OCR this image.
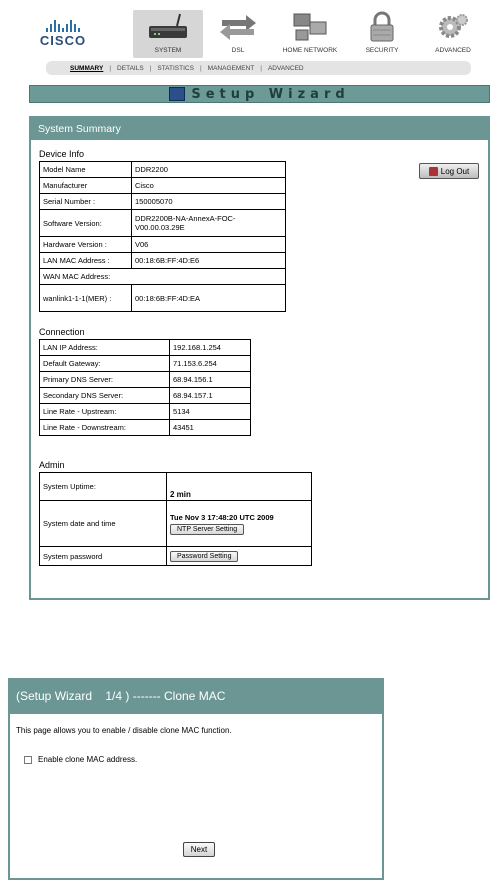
CISCO
SYSTEM	DSL	HOME NETWORK	SECURITY	ADVANCED
SUMMARY | DETAILS | STATISTICS | MANAGEMENT | ADVANCED
Setup Wizard
System Summary
Log Out
Device Info
Model Name	DDR2200
Manufacturer	Cisco
Serial Number :	150005070
Software Version:	DDR2200B-NA-AnnexA-FOC-V00.00.03.29E
Hardware Version :	V06
LAN MAC Address :	00:18:6B:FF:4D:E6
WAN MAC Address:	
wanlink1-1-1(MER) :	00:18:6B:FF:4D:EA
Connection
LAN IP Address:	192.168.1.254
Default Gateway:	71.153.6.254
Primary DNS Server:	68.94.156.1
Secondary DNS Server:	68.94.157.1
Line Rate - Upstream:	5134
Line Rate - Downstream:	43451
Admin
System Uptime:	2 min
System date and time	Tue Nov 3 17:48:20 UTC 2009
NTP Server Setting
System password	Password Setting
(Setup Wizard    1/4 ) ------- Clone MAC
This page allows you to enable / disable clone MAC function.
Enable clone MAC address.
Next
